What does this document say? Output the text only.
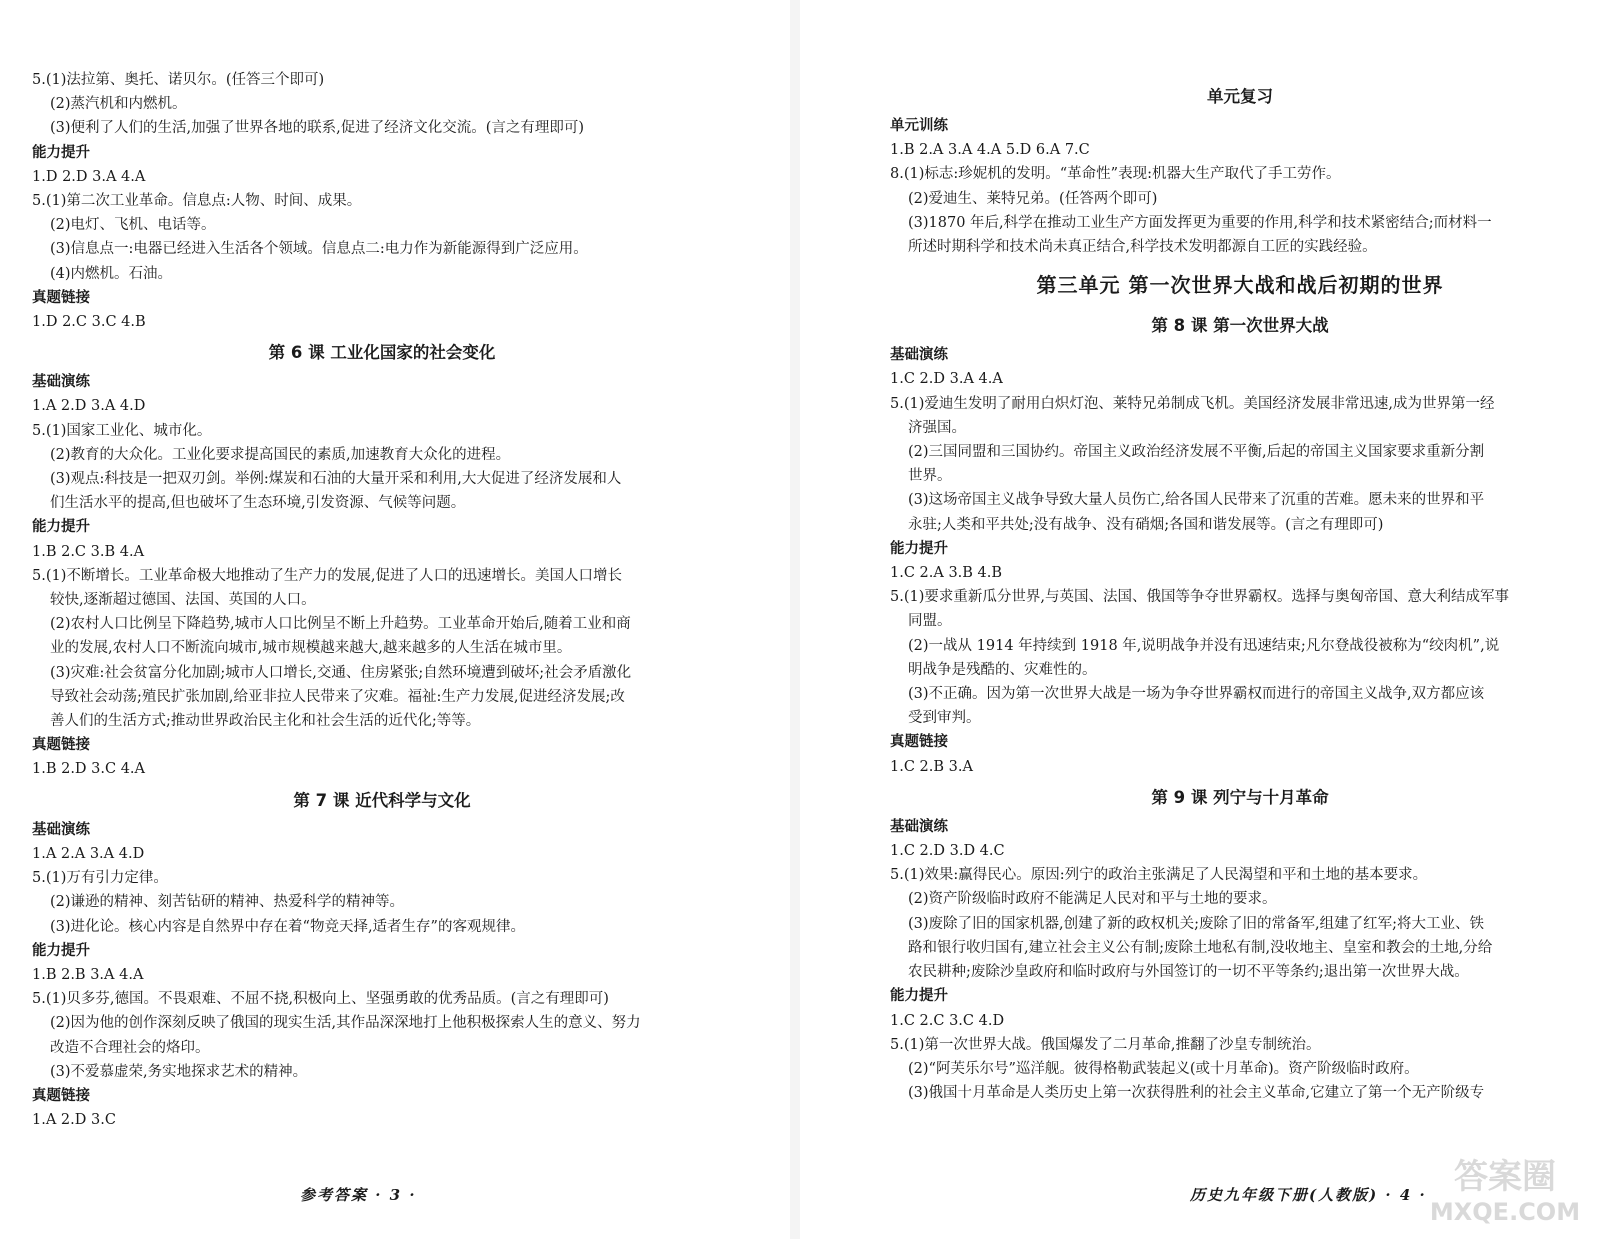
5.(1)法拉第、奥托、诺贝尔。(任答三个即可)
(2)蒸汽机和内燃机。
(3)便利了人们的生活,加强了世界各地的联系,促进了经济文化交流。(言之有理即可)
能力提升
1.D 2.D 3.A 4.A
5.(1)第二次工业革命。信息点:人物、时间、成果。
(2)电灯、飞机、电话等。
(3)信息点一:电器已经进入生活各个领域。信息点二:电力作为新能源得到广泛应用。
(4)内燃机。石油。
真题链接
1.D 2.C 3.C 4.B
第 6 课 工业化国家的社会变化
基础演练
1.A 2.D 3.A 4.D
5.(1)国家工业化、城市化。
(2)教育的大众化。工业化要求提高国民的素质,加速教育大众化的进程。
(3)观点:科技是一把双刃剑。举例:煤炭和石油的大量开采和利用,大大促进了经济发展和人
们生活水平的提高,但也破坏了生态环境,引发资源、气候等问题。
能力提升
1.B 2.C 3.B 4.A
5.(1)不断增长。工业革命极大地推动了生产力的发展,促进了人口的迅速增长。美国人口增长
较快,逐渐超过德国、法国、英国的人口。
(2)农村人口比例呈下降趋势,城市人口比例呈不断上升趋势。工业革命开始后,随着工业和商
业的发展,农村人口不断流向城市,城市规模越来越大,越来越多的人生活在城市里。
(3)灾难:社会贫富分化加剧;城市人口增长,交通、住房紧张;自然环境遭到破坏;社会矛盾激化
导致社会动荡;殖民扩张加剧,给亚非拉人民带来了灾难。福祉:生产力发展,促进经济发展;改
善人们的生活方式;推动世界政治民主化和社会生活的近代化;等等。
真题链接
1.B 2.D 3.C 4.A
第 7 课 近代科学与文化
基础演练
1.A 2.A 3.A 4.D
5.(1)万有引力定律。
(2)谦逊的精神、刻苦钻研的精神、热爱科学的精神等。
(3)进化论。核心内容是自然界中存在着“物竞天择,适者生存”的客观规律。
能力提升
1.B 2.B 3.A 4.A
5.(1)贝多芬,德国。不畏艰难、不屈不挠,积极向上、坚强勇敢的优秀品质。(言之有理即可)
(2)因为他的创作深刻反映了俄国的现实生活,其作品深深地打上他积极探索人生的意义、努力
改造不合理社会的烙印。
(3)不爱慕虚荣,务实地探求艺术的精神。
真题链接
1.A 2.D 3.C
参考答案 · 3 ·
单元复习
单元训练
1.B 2.A 3.A 4.A 5.D 6.A 7.C
8.(1)标志:珍妮机的发明。“革命性”表现:机器大生产取代了手工劳作。
(2)爱迪生、莱特兄弟。(任答两个即可)
(3)1870 年后,科学在推动工业生产方面发挥更为重要的作用,科学和技术紧密结合;而材料一
所述时期科学和技术尚未真正结合,科学技术发明都源自工匠的实践经验。
第三单元 第一次世界大战和战后初期的世界
第 8 课 第一次世界大战
基础演练
1.C 2.D 3.A 4.A
5.(1)爱迪生发明了耐用白炽灯泡、莱特兄弟制成飞机。美国经济发展非常迅速,成为世界第一经
济强国。
(2)三国同盟和三国协约。帝国主义政治经济发展不平衡,后起的帝国主义国家要求重新分割
世界。
(3)这场帝国主义战争导致大量人员伤亡,给各国人民带来了沉重的苦难。愿未来的世界和平
永驻;人类和平共处;没有战争、没有硝烟;各国和谐发展等。(言之有理即可)
能力提升
1.C 2.A 3.B 4.B
5.(1)要求重新瓜分世界,与英国、法国、俄国等争夺世界霸权。选择与奥匈帝国、意大利结成军事
同盟。
(2)一战从 1914 年持续到 1918 年,说明战争并没有迅速结束;凡尔登战役被称为“绞肉机”,说
明战争是残酷的、灾难性的。
(3)不正确。因为第一次世界大战是一场为争夺世界霸权而进行的帝国主义战争,双方都应该
受到审判。
真题链接
1.C 2.B 3.A
第 9 课 列宁与十月革命
基础演练
1.C 2.D 3.D 4.C
5.(1)效果:赢得民心。原因:列宁的政治主张满足了人民渴望和平和土地的基本要求。
(2)资产阶级临时政府不能满足人民对和平与土地的要求。
(3)废除了旧的国家机器,创建了新的政权机关;废除了旧的常备军,组建了红军;将大工业、铁
路和银行收归国有,建立社会主义公有制;废除土地私有制,没收地主、皇室和教会的土地,分给
农民耕种;废除沙皇政府和临时政府与外国签订的一切不平等条约;退出第一次世界大战。
能力提升
1.C 2.C 3.C 4.D
5.(1)第一次世界大战。俄国爆发了二月革命,推翻了沙皇专制统治。
(2)“阿芙乐尔号”巡洋舰。彼得格勒武装起义(或十月革命)。资产阶级临时政府。
(3)俄国十月革命是人类历史上第一次获得胜利的社会主义革命,它建立了第一个无产阶级专
历史九年级下册(人教版) · 4 · 答案圈
MXQE.COM
